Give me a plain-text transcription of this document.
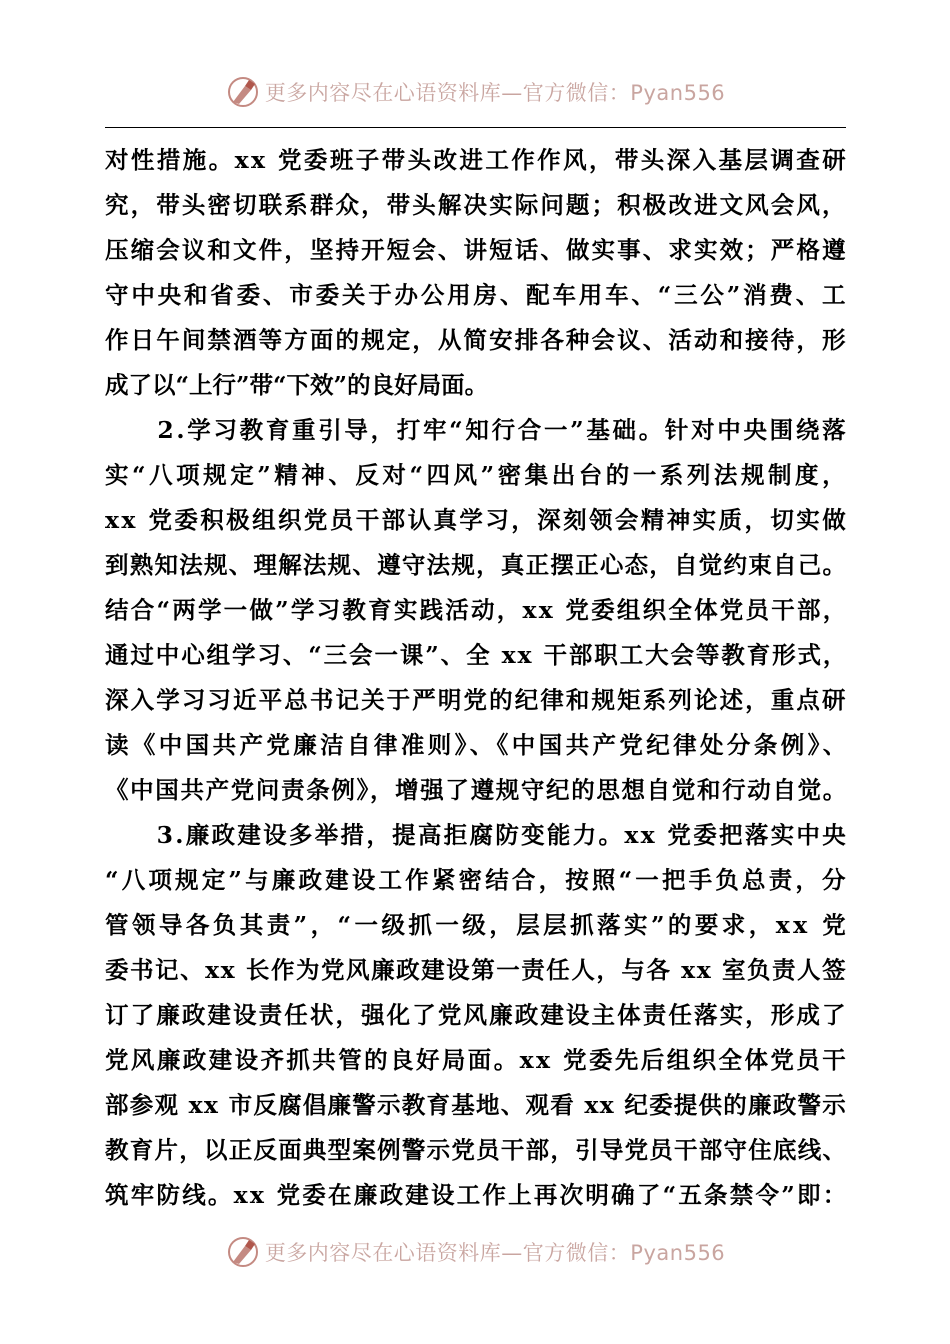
更多内容尽在心语资料库—官方微信：Pyan556
对性措施。xx 党委班子带头改进工作作风，带头深入基层调查研
究，带头密切联系群众，带头解决实际问题；积极改进文风会风，
压缩会议和文件，坚持开短会、讲短话、做实事、求实效；严格遵
守中央和省委、市委关于办公用房、配车用车、“三公”消费、工
作日午间禁酒等方面的规定，从简安排各种会议、活动和接待，形
成了以“上行”带“下效”的良好局面。
　　2.学习教育重引导，打牢“知行合一”基础。针对中央围绕落
实“八项规定”精神、反对“四风”密集出台的一系列法规制度，
xx 党委积极组织党员干部认真学习，深刻领会精神实质，切实做
到熟知法规、理解法规、遵守法规，真正摆正心态，自觉约束自己。
结合“两学一做”学习教育实践活动，xx 党委组织全体党员干部，
通过中心组学习、“三会一课”、全 xx 干部职工大会等教育形式，
深入学习习近平总书记关于严明党的纪律和规矩系列论述，重点研
读《中国共产党廉洁自律准则》、《中国共产党纪律处分条例》、
《中国共产党问责条例》，增强了遵规守纪的思想自觉和行动自觉。
　　3.廉政建设多举措，提高拒腐防变能力。xx 党委把落实中央
“八项规定”与廉政建设工作紧密结合，按照“一把手负总责，分
管领导各负其责”，“一级抓一级，层层抓落实”的要求，xx 党
委书记、xx 长作为党风廉政建设第一责任人，与各 xx 室负责人签
订了廉政建设责任状，强化了党风廉政建设主体责任落实，形成了
党风廉政建设齐抓共管的良好局面。xx 党委先后组织全体党员干
部参观 xx 市反腐倡廉警示教育基地、观看 xx 纪委提供的廉政警示
教育片，以正反面典型案例警示党员干部，引导党员干部守住底线、
筑牢防线。xx 党委在廉政建设工作上再次明确了“五条禁令”即：
更多内容尽在心语资料库—官方微信：Pyan556
